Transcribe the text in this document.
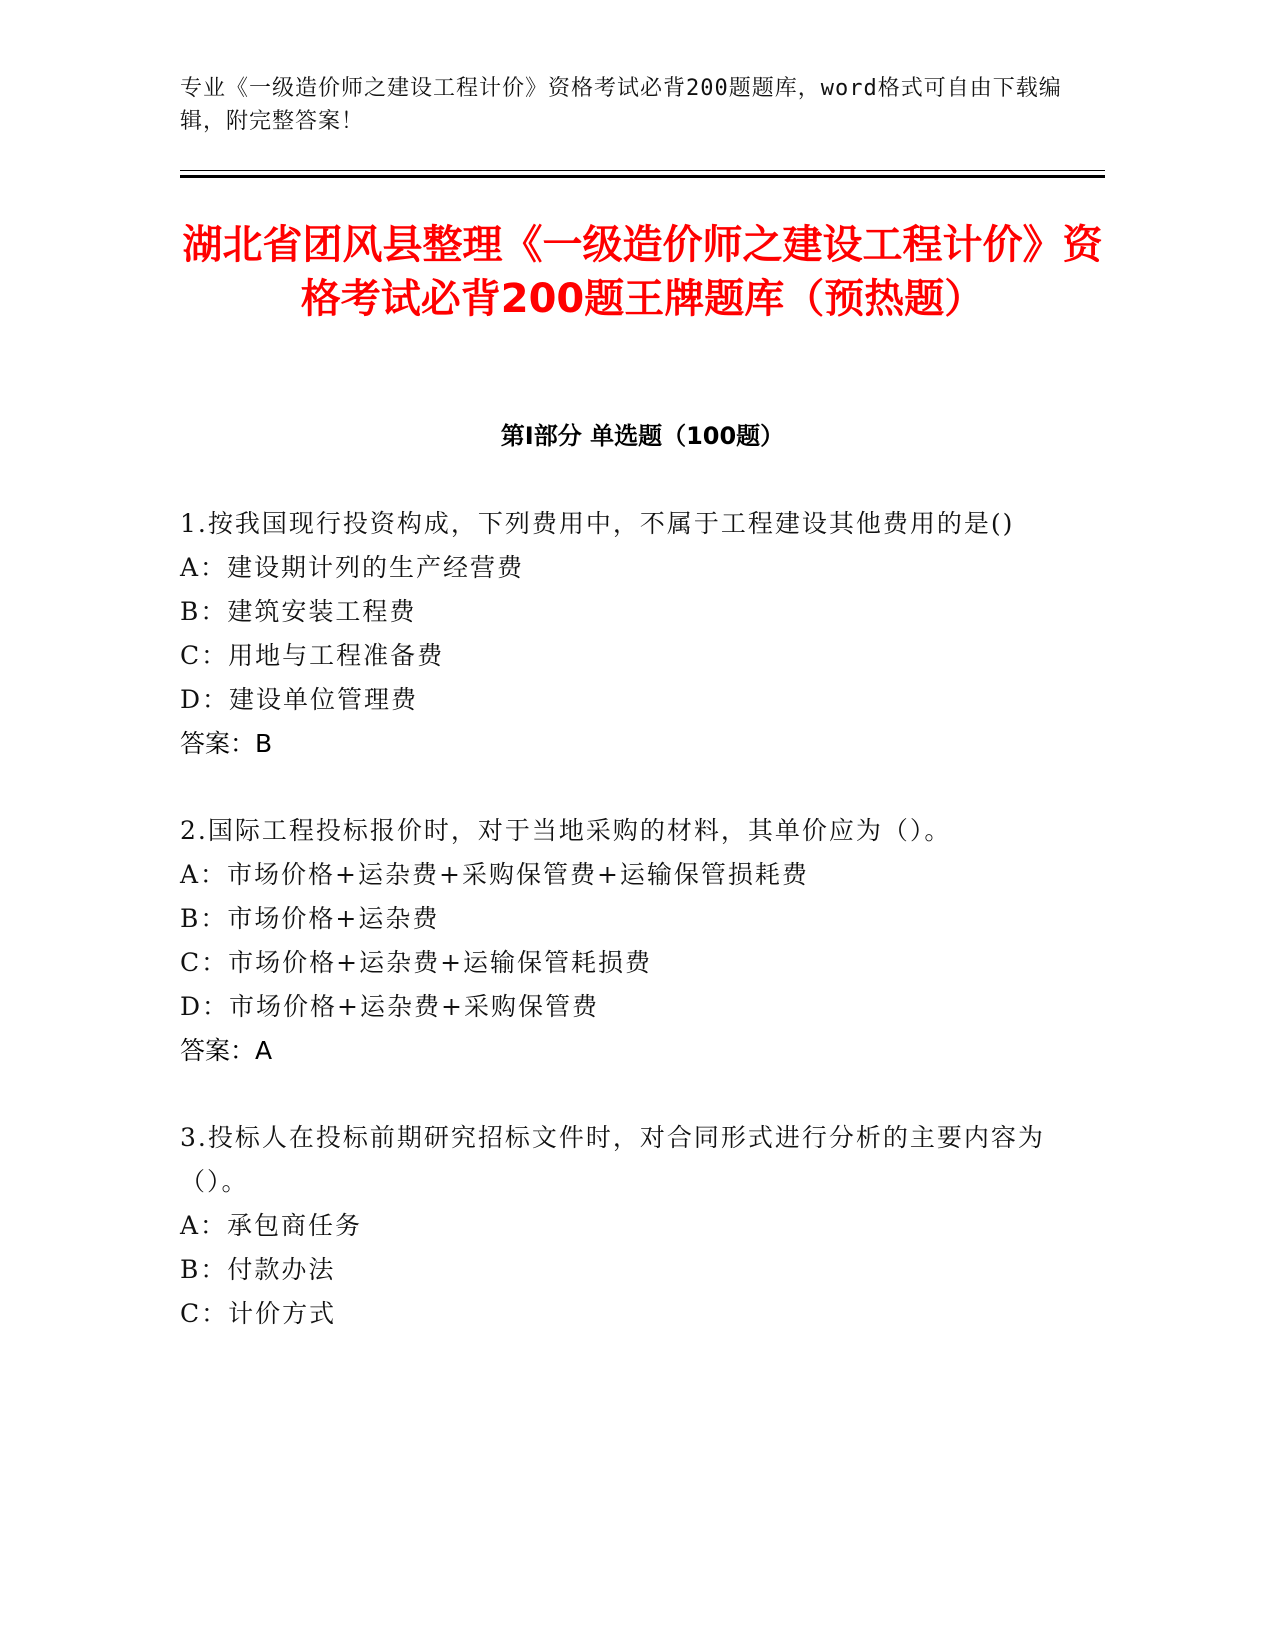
专业《一级造价师之建设工程计价》资格考试必背200题题库，word格式可自由下载编辑，附完整答案！
湖北省团风县整理《一级造价师之建设工程计价》资格考试必背200题王牌题库（预热题）
第Ⅰ部分 单选题（100题）
1.按我国现行投资构成，下列费用中，不属于工程建设其他费用的是()
A：建设期计列的生产经营费
B：建筑安装工程费
C：用地与工程准备费
D：建设单位管理费
答案：B
2.国际工程投标报价时，对于当地采购的材料，其单价应为（）。
A：市场价格+运杂费+采购保管费+运输保管损耗费
B：市场价格+运杂费
C：市场价格+运杂费+运输保管耗损费
D：市场价格+运杂费+采购保管费
答案：A
3.投标人在投标前期研究招标文件时，对合同形式进行分析的主要内容为（）。
A：承包商任务
B：付款办法
C：计价方式
